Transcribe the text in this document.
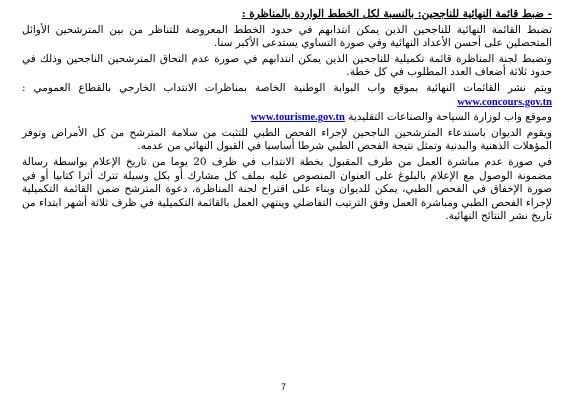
- ضبط قائمة النهائية للناجحين: بالنسبة لكل الخطط الواردة بالمناظرة :
تضبط القائمة النهائية للناجحين الذين يمكن انتدابهم في حدود الخطط المعروضة للتناظر من بين المترشحين الأوائل المتحصلين على أحسن الأعداد النهائية وفي صورة التساوي يستدعى الأكبر سنا.
وتضبط لجنة المناظرة قائمة تكميلية للناجحين الذين يمكن انتدابهم في صورة عدم التحاق المترشحين الناجحين وذلك في حدود ثلاثة أضعاف العدد المطلوب في كل خطة.
ويتم نشر القائمات النهائية بموقع واب البوابة الوطنية الخاصة بمناظرات الانتداب الخارجي بالقطاع العمومي : www.concours.gov.tn
وموقع واب لوزارة السياحة والصناعات التقليدية www.tourisme.gov.tn
ويقوم الديوان باستدعاء المترشحين الناجحين لإجراء الفحص الطبي للتثبت من سلامة المترشح من كل الأمراض وتوفر المؤهلات الذهنية والبدنية وتمثل نتيجة الفحص الطبي شرطا أساسيا في القبول النهائي من عدمه.
في صورة عدم مباشرة العمل من طرف المقبول بخطة الانتداب في ظرف 20 يوما من تاريخ الإعلام بواسطة رسالة مضمونة الوصول مع الإعلام بالبلوغ على العنوان المنصوص عليه بملف كل مشارك أو بكل وسيلة تترك أثرا كتابيا أو في صورة الإخفاق في الفحص الطبي، يمكن للديوان وبناء على اقتراح لجنة المناظرة، دعوة المترشح ضمن القائمة التكميلية لإجراء الفحص الطبي ومباشرة العمل وفق الترتيب التفاضلي وينتهي العمل بالقائمة التكميلية في ظرف ثلاثة أشهر ابتداء من تاريخ نشر النتائج النهائية.
7
